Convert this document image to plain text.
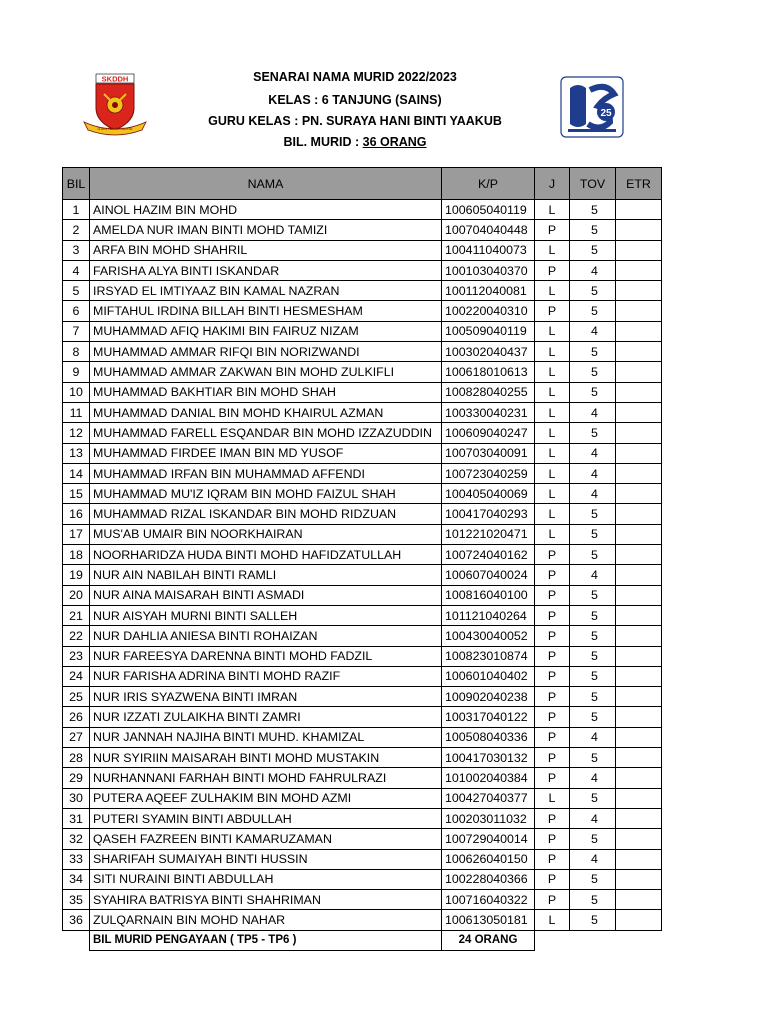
SKDDH
ILMU NILAI MURNI
25
SENARAI NAMA MURID 2022/2023
KELAS : 6 TANJUNG (SAINS)
GURU KELAS : PN. SURAYA HANI BINTI YAAKUB
BIL. MURID : 36 ORANG
BIL	NAMA	K/P	J	TOV	ETR
1	AINOL HAZIM BIN MOHD	100605040119	L	5	
2	AMELDA NUR IMAN BINTI MOHD TAMIZI	100704040448	P	5	
3	ARFA BIN MOHD SHAHRIL	100411040073	L	5	
4	FARISHA ALYA BINTI ISKANDAR	100103040370	P	4	
5	IRSYAD EL IMTIYAAZ BIN KAMAL NAZRAN	100112040081	L	5	
6	MIFTAHUL IRDINA BILLAH BINTI HESMESHAM	100220040310	P	5	
7	MUHAMMAD AFIQ HAKIMI BIN FAIRUZ NIZAM	100509040119	L	4	
8	MUHAMMAD AMMAR RIFQI BIN NORIZWANDI	100302040437	L	5	
9	MUHAMMAD AMMAR ZAKWAN BIN MOHD ZULKIFLI	100618010613	L	5	
10	MUHAMMAD BAKHTIAR BIN MOHD SHAH	100828040255	L	5	
11	MUHAMMAD DANIAL BIN MOHD KHAIRUL AZMAN	100330040231	L	4	
12	MUHAMMAD FARELL ESQANDAR BIN MOHD IZZAZUDDIN	100609040247	L	5	
13	MUHAMMAD FIRDEE IMAN BIN MD YUSOF	100703040091	L	4	
14	MUHAMMAD IRFAN BIN MUHAMMAD AFFENDI	100723040259	L	4	
15	MUHAMMAD MU'IZ IQRAM BIN MOHD FAIZUL SHAH	100405040069	L	4	
16	MUHAMMAD RIZAL ISKANDAR BIN MOHD RIDZUAN	100417040293	L	5	
17	MUS'AB UMAIR BIN NOORKHAIRAN	101221020471	L	5	
18	NOORHARIDZA HUDA BINTI MOHD HAFIDZATULLAH	100724040162	P	5	
19	NUR AIN NABILAH BINTI RAMLI	100607040024	P	4	
20	NUR AINA MAISARAH BINTI ASMADI	100816040100	P	5	
21	NUR AISYAH MURNI BINTI SALLEH	101121040264	P	5	
22	NUR DAHLIA ANIESA BINTI ROHAIZAN	100430040052	P	5	
23	NUR FAREESYA DARENNA BINTI MOHD FADZIL	100823010874	P	5	
24	NUR FARISHA ADRINA BINTI MOHD RAZIF	100601040402	P	5	
25	NUR IRIS SYAZWENA BINTI IMRAN	100902040238	P	5	
26	NUR IZZATI ZULAIKHA BINTI ZAMRI	100317040122	P	5	
27	NUR JANNAH NAJIHA BINTI MUHD. KHAMIZAL	100508040336	P	4	
28	NUR SYIRIIN MAISARAH BINTI MOHD MUSTAKIN	100417030132	P	5	
29	NURHANNANI FARHAH BINTI MOHD FAHRULRAZI	101002040384	P	4	
30	PUTERA AQEEF ZULHAKIM BIN MOHD AZMI	100427040377	L	5	
31	PUTERI SYAMIN BINTI ABDULLAH	100203011032	P	4	
32	QASEH FAZREEN BINTI KAMARUZAMAN	100729040014	P	5	
33	SHARIFAH SUMAIYAH BINTI HUSSIN	100626040150	P	4	
34	SITI NURAINI BINTI ABDULLAH	100228040366	P	5	
35	SYAHIRA BATRISYA BINTI SHAHRIMAN	100716040322	P	5	
36	ZULQARNAIN BIN MOHD NAHAR	100613050181	L	5	
	BIL MURID PENGAYAAN ( TP5 - TP6 )	24 ORANG			
